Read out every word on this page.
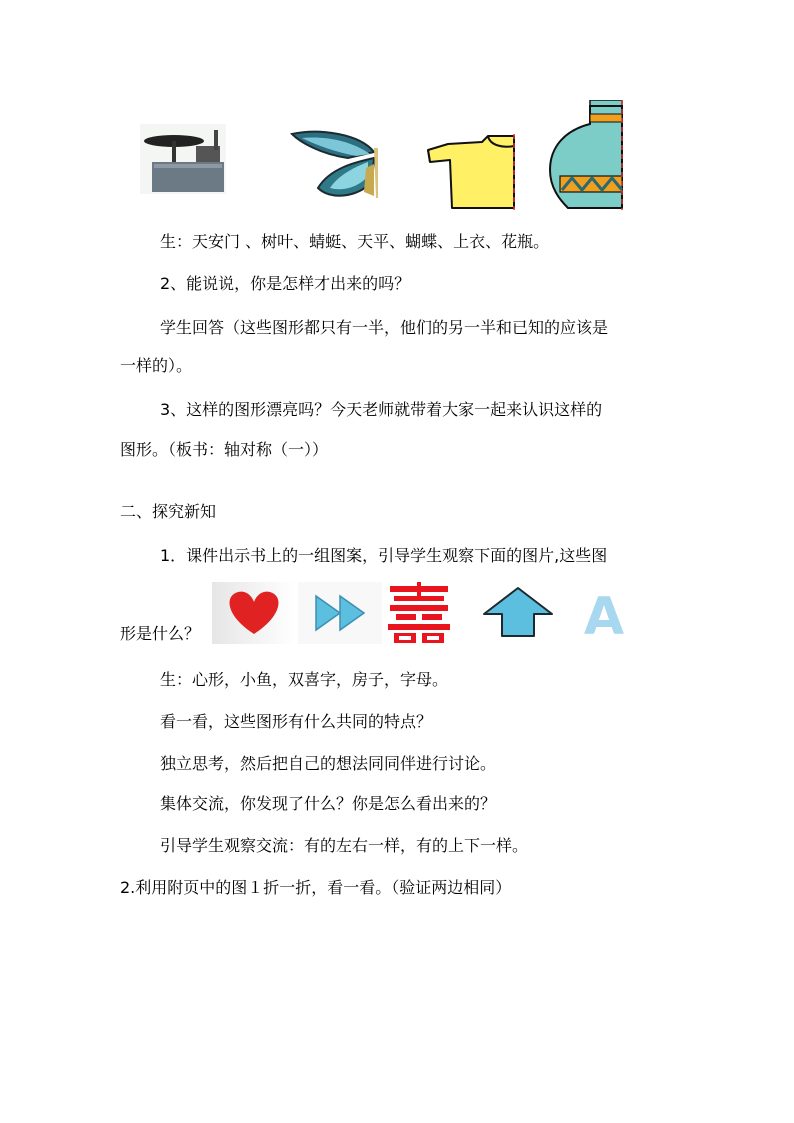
生：天安门 、树叶、蜻蜓、天平、蝴蝶、上衣、花瓶。

2、能说说，你是怎样才出来的吗？

学生回答（这些图形都只有一半，他们的另一半和已知的应该是

一样的）。

3、这样的图形漂亮吗？今天老师就带着大家一起来认识这样的

图形。（板书：轴对称（一））

二、探究新知

1．课件出示书上的一组图案，引导学生观察下面的图片,这些图

A

形是什么？

生：心形，小鱼，双喜字，房子，字母。

看一看，这些图形有什么共同的特点？

独立思考，然后把自己的想法同同伴进行讨论。

集体交流，你发现了什么？你是怎么看出来的？

引导学生观察交流：有的左右一样，有的上下一样。

2.利用附页中的图１折一折，看一看。（验证两边相同）
